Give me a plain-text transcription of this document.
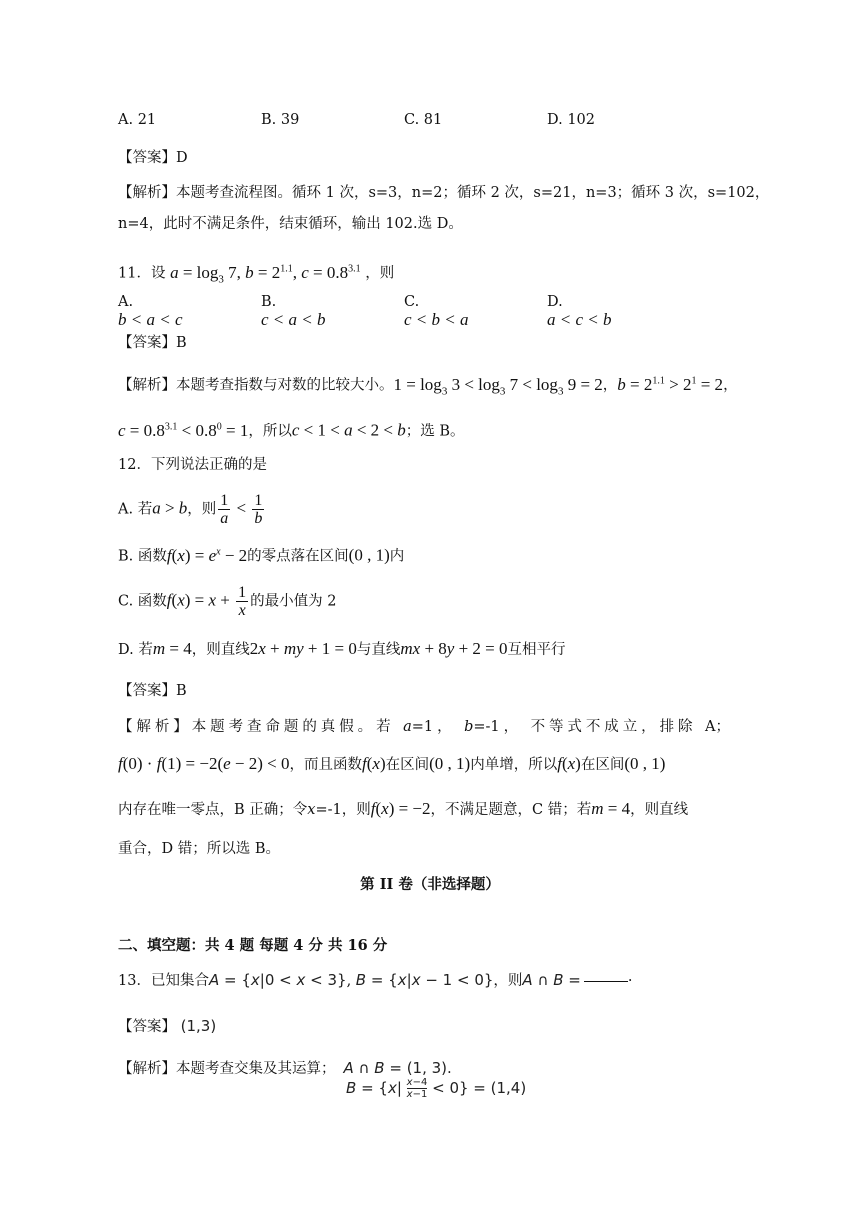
A. 21	B. 39	C. 81	D. 102
【答案】D
【解析】本题考查流程图。循环 1 次，s=3，n=2；循环 2 次，s=21，n=3；循环 3 次，s=102，
n=4，此时不满足条件，结束循环，输出 102.选 D。
11．设 $a = \log_3 7$, $b = 2^{1.1}$, $c = 0.8^{3.1}$ ，则
A. b < a < c
B. c < a < b
C. c < b < a
D. a < c < b
【答案】B
【解析】本题考查指数与对数的比较大小。$1 = \log_3 3 < \log_3 7 < \log_3 9 = 2$，$b = 2^{1.1} > 2^1 = 2$，
$c = 0.8^{3.1} < 0.8^0 = 1$，所以c < 1 < a < 2 < b；选 B。
12．下列说法正确的是
A. 若a > b，则 $\frac{1}{a} < \frac{1}{b}$
B. 函数$f(x) = e^x - 2$的零点落在区间(0 , 1)内
C. 函数$f(x) = x + \frac{1}{x}$ 的最小值为 2
D. 若m = 4，则直线2x + my + 1 = 0与直线mx + 8y + 2 = 0互相平行
【答案】B
【解析】本题考查命题的真假。若 a=1， b=-1， 不等式不成立，排除 A；
f(0) · f(1) = −2(e − 2) < 0，而且函数f(x)在区间(0 , 1)内单增，所以f(x)在区间(0 , 1)
内存在唯一零点，B 正确；令x=-1，则f(x) = −2，不满足题意，C 错；若m = 4，则直线
重合，D 错；所以选 B。
第 II 卷（非选择题）
二、填空题：共 4 题 每题 4 分 共 16 分
13．已知集合A = {x|0 < x < 3}, B = {x|x − 1 < 0}，则A ∩ B =	·
【答案】 (1,3)
【解析】本题考查交集及其运算； A ∩ B = (1, 3).
$B = \{x| \frac{x-4}{x-1} < 0\} = (1,4)$
